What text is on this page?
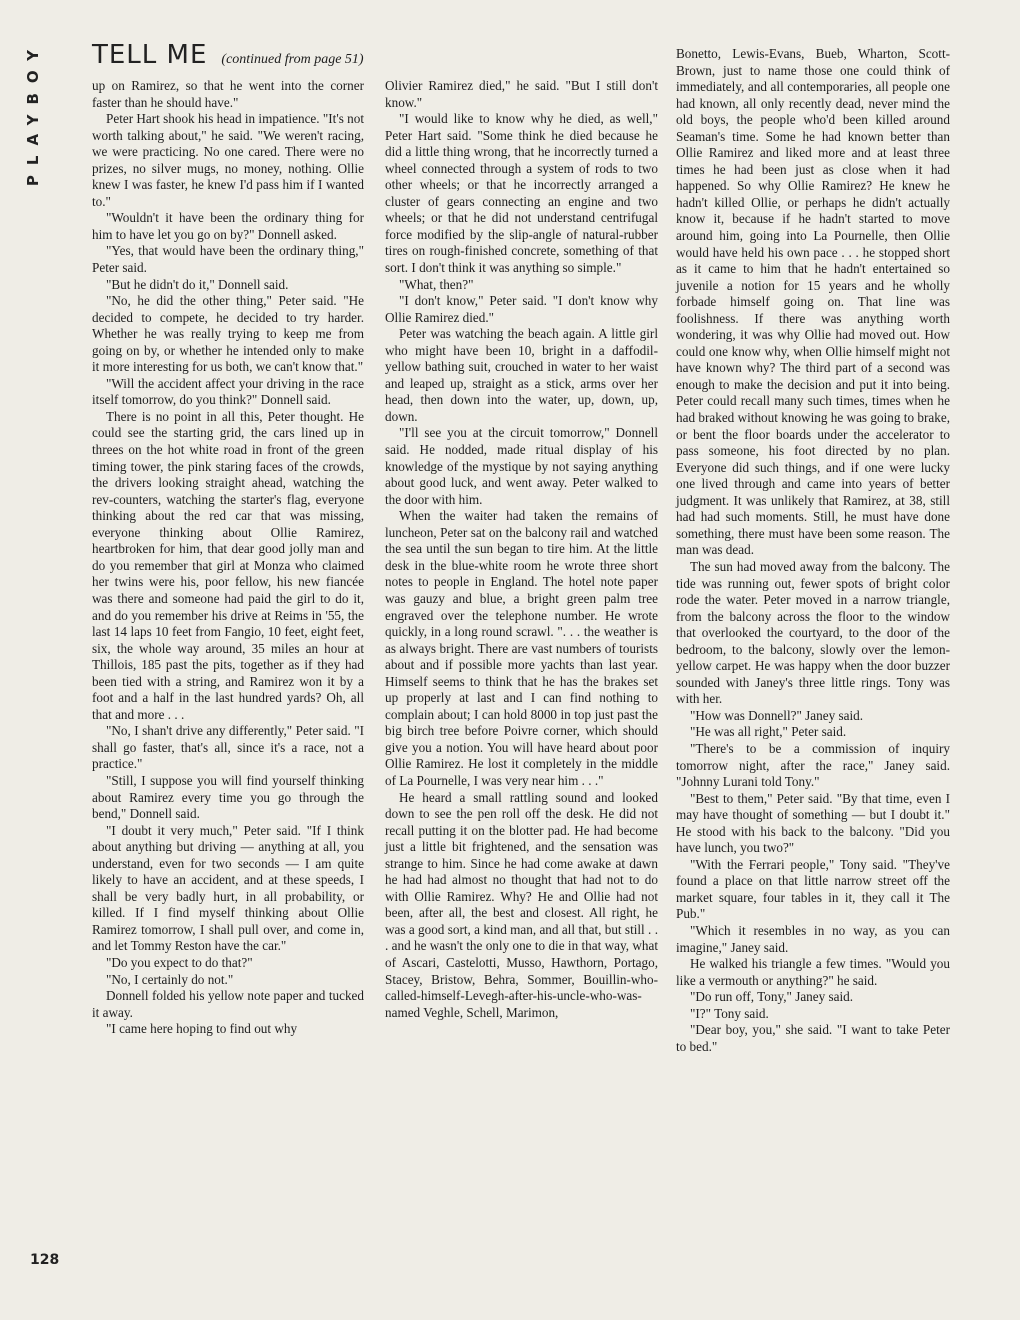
PLAYBOY TELL ME (continued from page 51)

up on Ramirez, so that he went into the corner faster than he should have."

Peter Hart shook his head in impatience. "It's not worth talking about," he said. "We weren't racing, we were practicing. No one cared. There were no prizes, no silver mugs, no money, nothing. Ollie knew I was faster, he knew I'd pass him if I wanted to."

"Wouldn't it have been the ordinary thing for him to have let you go on by?" Donnell asked.

"Yes, that would have been the ordinary thing," Peter said.

"But he didn't do it," Donnell said.

"No, he did the other thing," Peter said. "He decided to compete, he decided to try harder. Whether he was really trying to keep me from going on by, or whether he intended only to make it more interesting for us both, we can't know that."

"Will the accident affect your driving in the race itself tomorrow, do you think?" Donnell said.

There is no point in all this, Peter thought. He could see the starting grid, the cars lined up in threes on the hot white road in front of the green timing tower, the pink staring faces of the crowds, the drivers looking straight ahead, watching the rev-counters, watching the starter's flag, everyone thinking about the red car that was missing, everyone thinking about Ollie Ramirez, heartbroken for him, that dear good jolly man and do you remember that girl at Monza who claimed her twins were his, poor fellow, his new fiancée was there and someone had paid the girl to do it, and do you remember his drive at Reims in '55, the last 14 laps 10 feet from Fangio, 10 feet, eight feet, six, the whole way around, 35 miles an hour at Thillois, 185 past the pits, together as if they had been tied with a string, and Ramirez won it by a foot and a half in the last hundred yards? Oh, all that and more . . .

"No, I shan't drive any differently," Peter said. "I shall go faster, that's all, since it's a race, not a practice."

"Still, I suppose you will find yourself thinking about Ramirez every time you go through the bend," Donnell said.

"I doubt it very much," Peter said. "If I think about anything but driving — anything at all, you understand, even for two seconds — I am quite likely to have an accident, and at these speeds, I shall be very badly hurt, in all probability, or killed. If I find myself thinking about Ollie Ramirez tomorrow, I shall pull over, and come in, and let Tommy Reston have the car."

"Do you expect to do that?"

"No, I certainly do not."

Donnell folded his yellow note paper and tucked it away.

"I came here hoping to find out why

Olivier Ramirez died," he said. "But I still don't know."

"I would like to know why he died, as well," Peter Hart said. "Some think he died because he did a little thing wrong, that he incorrectly turned a wheel connected through a system of rods to two other wheels; or that he incorrectly arranged a cluster of gears connecting an engine and two wheels; or that he did not understand centrifugal force modified by the slip-angle of natural-rubber tires on rough-finished concrete, something of that sort. I don't think it was anything so simple."

"What, then?"

"I don't know," Peter said. "I don't know why Ollie Ramirez died."

Peter was watching the beach again. A little girl who might have been 10, bright in a daffodil-yellow bathing suit, crouched in water to her waist and leaped up, straight as a stick, arms over her head, then down into the water, up, down, up, down.

"I'll see you at the circuit tomorrow," Donnell said. He nodded, made ritual display of his knowledge of the mystique by not saying anything about good luck, and went away. Peter walked to the door with him.

When the waiter had taken the remains of luncheon, Peter sat on the balcony rail and watched the sea until the sun began to tire him. At the little desk in the blue-white room he wrote three short notes to people in England. The hotel note paper was gauzy and blue, a bright green palm tree engraved over the telephone number. He wrote quickly, in a long round scrawl. ". . . the weather is as always bright. There are vast numbers of tourists about and if possible more yachts than last year. Himself seems to think that he has the brakes set up properly at last and I can find nothing to complain about; I can hold 8000 in top just past the big birch tree before Poivre corner, which should give you a notion. You will have heard about poor Ollie Ramirez. He lost it completely in the middle of La Pournelle, I was very near him . . ."

He heard a small rattling sound and looked down to see the pen roll off the desk. He did not recall putting it on the blotter pad. He had become just a little bit frightened, and the sensation was strange to him. Since he had come awake at dawn he had had almost no thought that had not to do with Ollie Ramirez. Why? He and Ollie had not been, after all, the best and closest. All right, he was a good sort, a kind man, and all that, but still . . . and he wasn't the only one to die in that way, what of Ascari, Castelotti, Musso, Hawthorn, Portago, Stacey, Bristow, Behra, Sommer, Bouillin-who-called-himself-Levegh-after-his-uncle-who-was-named Veghle, Schell, Marimon,

Bonetto, Lewis-Evans, Bueb, Wharton, Scott-Brown, just to name those one could think of immediately, and all contemporaries, all people one had known, all only recently dead, never mind the old boys, the people who'd been killed around Seaman's time. Some he had known better than Ollie Ramirez and liked more and at least three times he had been just as close when it had happened. So why Ollie Ramirez? He knew he hadn't killed Ollie, or perhaps he didn't actually know it, because if he hadn't started to move around him, going into La Pournelle, then Ollie would have held his own pace . . . he stopped short as it came to him that he hadn't entertained so juvenile a notion for 15 years and he wholly forbade himself going on. That line was foolishness. If there was anything worth wondering, it was why Ollie had moved out. How could one know why, when Ollie himself might not have known why? The third part of a second was enough to make the decision and put it into being. Peter could recall many such times, times when he had braked without knowing he was going to brake, or bent the floor boards under the accelerator to pass someone, his foot directed by no plan. Everyone did such things, and if one were lucky one lived through and came into years of better judgment. It was unlikely that Ramirez, at 38, still had had such moments. Still, he must have done something, there must have been some reason. The man was dead.

The sun had moved away from the balcony. The tide was running out, fewer spots of bright color rode the water. Peter moved in a narrow triangle, from the balcony across the floor to the window that overlooked the courtyard, to the door of the bedroom, to the balcony, slowly over the lemon-yellow carpet. He was happy when the door buzzer sounded with Janey's three little rings. Tony was with her.

"How was Donnell?" Janey said.

"He was all right," Peter said.

"There's to be a commission of inquiry tomorrow night, after the race," Janey said. "Johnny Lurani told Tony."

"Best to them," Peter said. "By that time, even I may have thought of something — but I doubt it." He stood with his back to the balcony. "Did you have lunch, you two?"

"With the Ferrari people," Tony said. "They've found a place on that little narrow street off the market square, four tables in it, they call it The Pub."

"Which it resembles in no way, as you can imagine," Janey said.

He walked his triangle a few times. "Would you like a vermouth or anything?" he said.

"Do run off, Tony," Janey said.

"I?" Tony said.

"Dear boy, you," she said. "I want to take Peter to bed."

128
